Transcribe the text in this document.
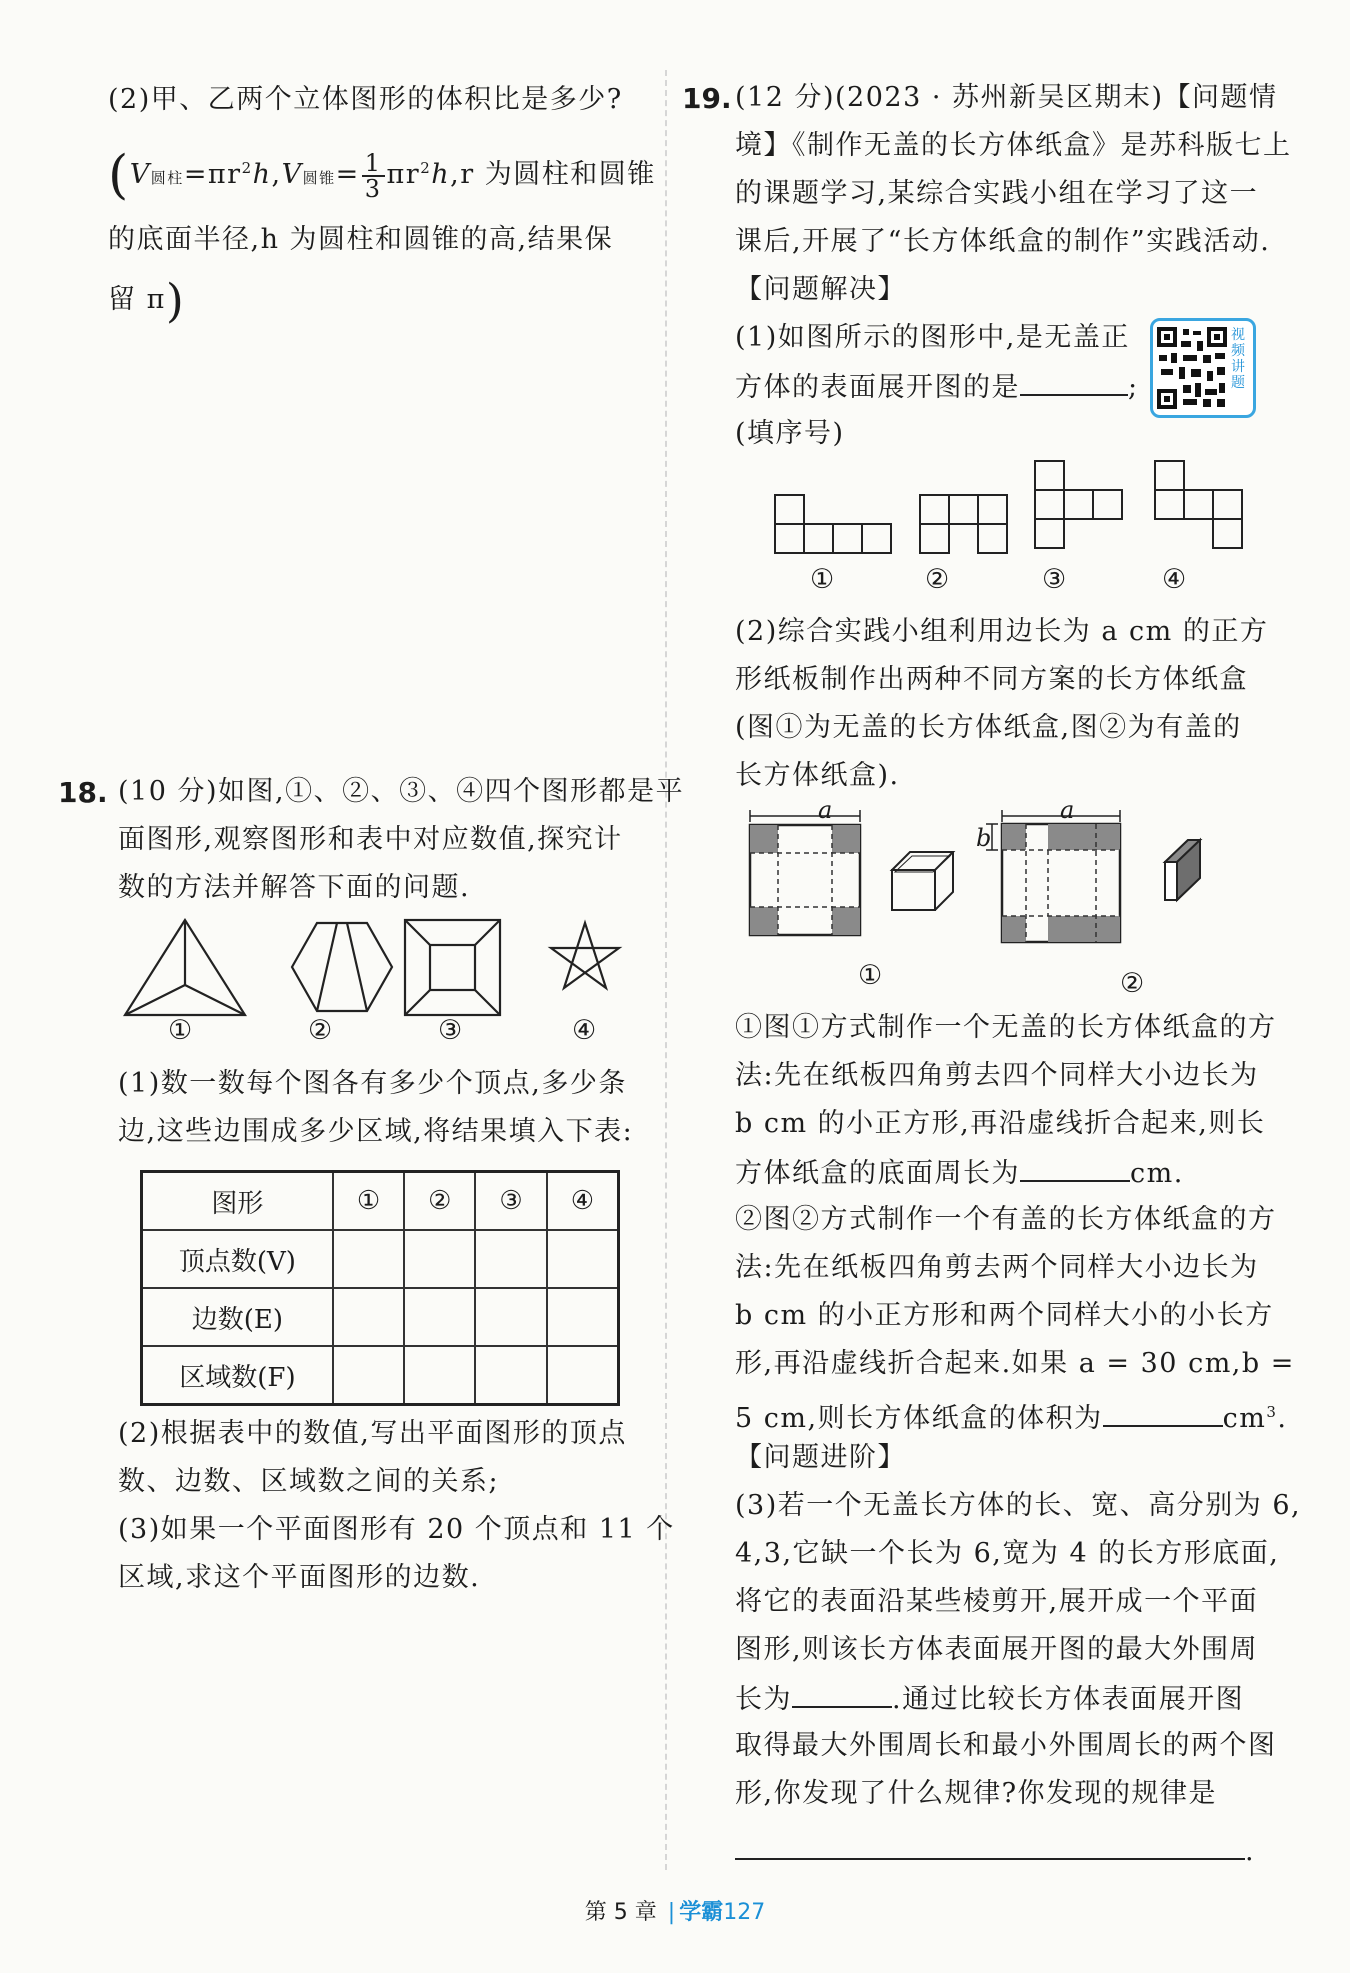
(2)甲、乙两个立体图形的体积比是多少?
(V圆柱$=\pi r^2h,V$圆锥= $\frac{1}{3} \pi r^2h,r$ 为圆柱和圆锥
的底面半径,h 为圆柱和圆锥的高,结果保
留 π)
18. (10 分)如图,①、②、③、④四个图形都是平
面图形,观察图形和表中对应数值,探究计
数的方法并解答下面的问题.
①	②	③	④
(1)数一数每个图各有多少个顶点,多少条
边,这些边围成多少区域,将结果填入下表:
图形	①	②	③	④
顶点数(V)				
边数(E)				
区域数(F)				
(2)根据表中的数值,写出平面图形的顶点
数、边数、区域数之间的关系;
(3)如果一个平面图形有 20 个顶点和 11 个
区域,求这个平面图形的边数.
19. (12 分)(2023 · 苏州新吴区期末)【问题情
境】《制作无盖的长方体纸盒》是苏科版七上
的课题学习,某综合实践小组在学习了这一
课后,开展了“长方体纸盒的制作”实践活动.
【问题解决】
(1)如图所示的图形中,是无盖正
方体的表面展开图的是	;
(填序号)
视频讲题
①	②	③	④
(2)综合实践小组利用边长为 a cm 的正方
形纸板制作出两种不同方案的长方体纸盒
(图①为无盖的长方体纸盒,图②为有盖的
长方体纸盒).
a	a
b
①	②
①图①方式制作一个无盖的长方体纸盒的方
法:先在纸板四角剪去四个同样大小边长为
b cm 的小正方形,再沿虚线折合起来,则长
方体纸盒的底面周长为	cm.
②图②方式制作一个有盖的长方体纸盒的方
法:先在纸板四角剪去两个同样大小边长为
b cm 的小正方形和两个同样大小的小长方
形,再沿虚线折合起来.如果 a = 30 cm,b =
5 cm,则长方体纸盒的体积为	$cm^3$.
【问题进阶】
(3)若一个无盖长方体的长、宽、高分别为 6,
4,3,它缺一个长为 6,宽为 4 的长方形底面,
将它的表面沿某些棱剪开,展开成一个平面
图形,则该长方体表面展开图的最大外围周
长为	.通过比较长方体表面展开图
取得最大外围周长和最小外围周长的两个图
形,你发现了什么规律?你发现的规律是
.
第 5 章 | 学霸127
